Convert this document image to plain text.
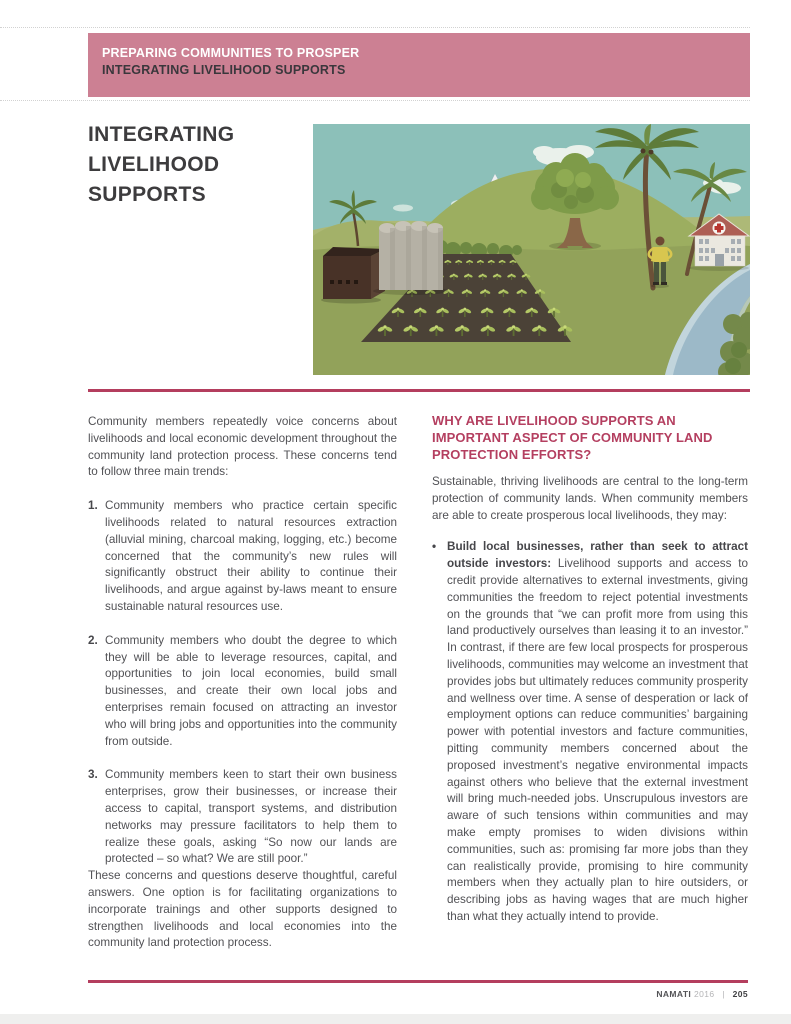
PREPARING COMMUNITIES TO PROSPER
INTEGRATING LIVELIHOOD SUPPORTS
INTEGRATING
LIVELIHOOD
SUPPORTS

Community members repeatedly voice concerns about livelihoods and local economic development throughout the community land protection process. These concerns tend to follow three main trends:

1. Community members who practice certain specific livelihoods related to natural resources extraction (alluvial mining, charcoal making, logging, etc.) become concerned that the community’s new rules will significantly obstruct their ability to continue their livelihoods, and argue against by-laws meant to ensure sustainable natural resources use.
2. Community members who doubt the degree to which they will be able to leverage resources, capital, and opportunities to join local economies, build small businesses, and create their own local jobs and enterprises remain focused on attracting an investor who will bring jobs and opportunities into the community from outside.
3. Community members keen to start their own business enterprises, grow their businesses, or increase their access to capital, transport systems, and distribution networks may pressure facilitators to help them to realize these goals, asking “So now our lands are protected – so what? We are still poor.”

These concerns and questions deserve thoughtful, careful answers. One option is for facilitating organizations to incorporate trainings and other supports designed to strengthen livelihoods and local economies into the community land protection process.

WHY ARE LIVELIHOOD SUPPORTS AN IMPORTANT ASPECT OF COMMUNITY LAND PROTECTION EFFORTS?

Sustainable, thriving livelihoods are central to the long-term protection of community lands. When community members are able to create prosperous local livelihoods, they may:

• Build local businesses, rather than seek to attract outside investors: Livelihood supports and access to credit provide alternatives to external investments, giving communities the freedom to reject potential investments on the grounds that “we can profit more from using this land productively ourselves than leasing it to an investor.” In contrast, if there are few local prospects for prosperous livelihoods, communities may welcome an investment that provides jobs but ultimately reduces community prosperity and wellness over time. A sense of desperation or lack of employment options can reduce communities’ bargaining power with potential investors and facture communities, pitting community members concerned about the proposed investment’s negative environmental impacts against others who believe that the external investment will bring much-needed jobs. Unscrupulous investors are aware of such tensions within communities and may make empty promises to widen divisions within communities, such as: promising far more jobs than they can realistically provide, promising to hire community members when they actually plan to hire outsiders, or describing jobs as having wages that are much higher than what they actually intend to provide.
NAMATI 2016 | 205
